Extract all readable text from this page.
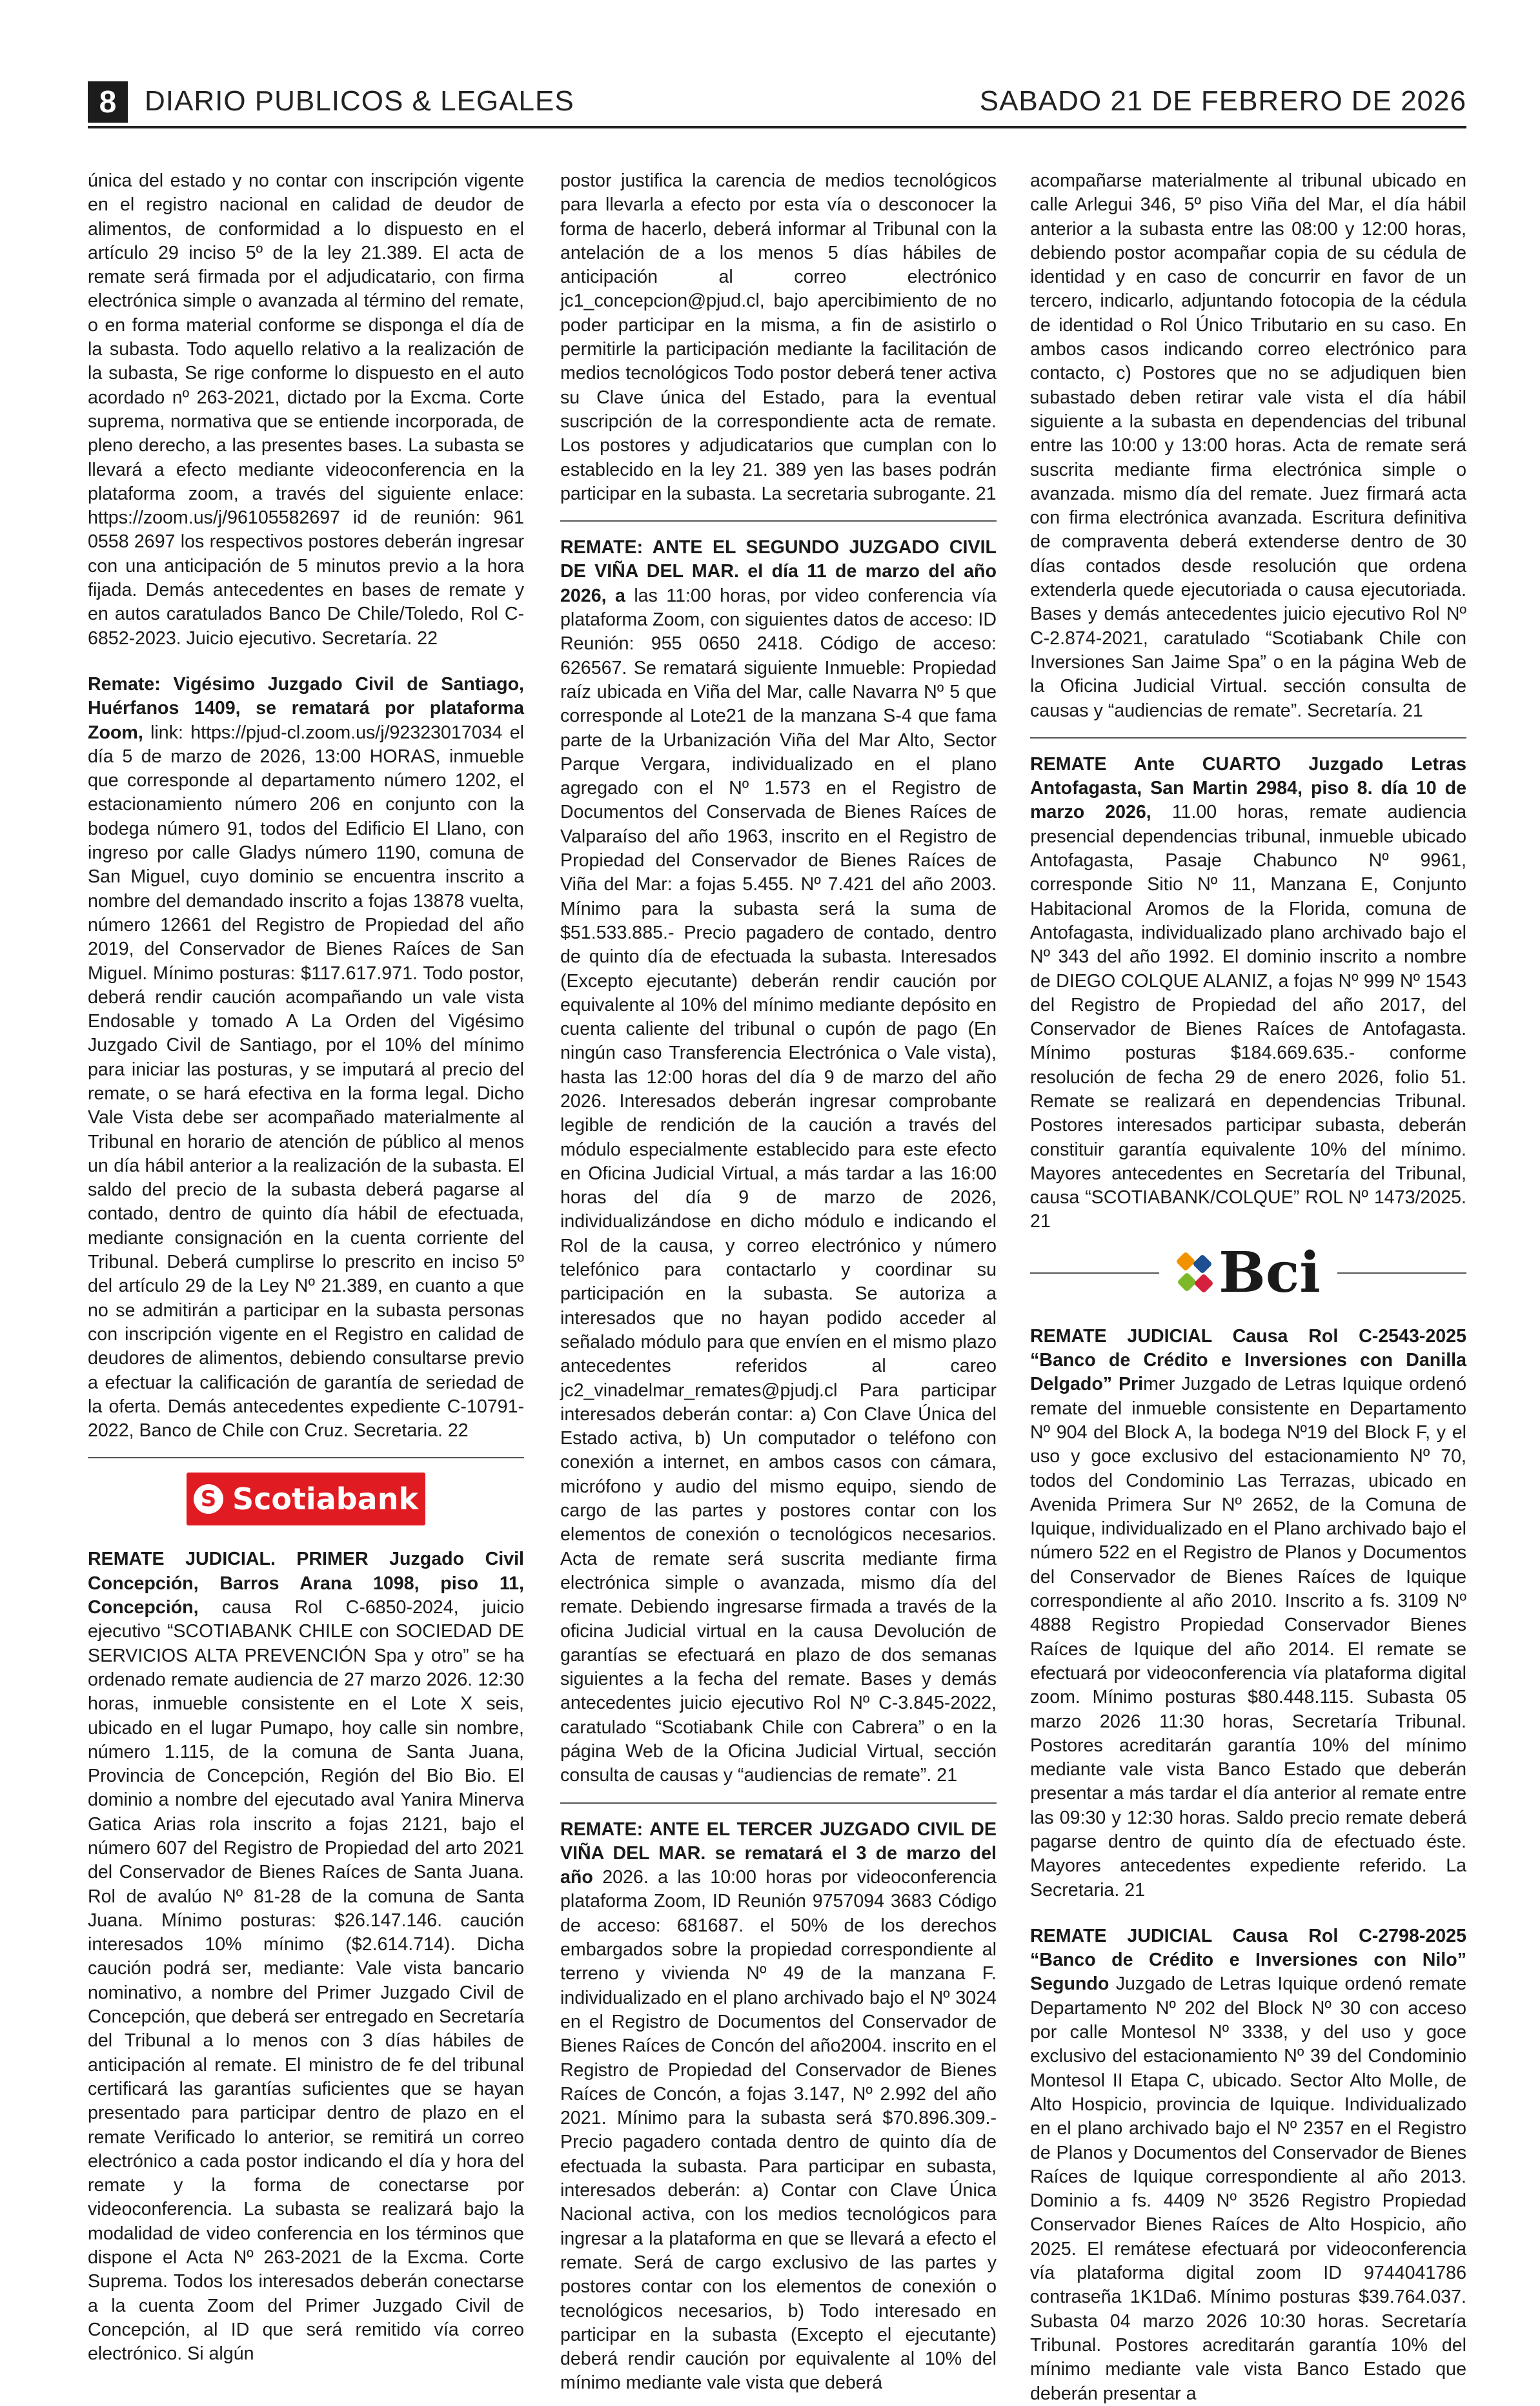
8 DIARIO PUBLICOS & LEGALES	SABADO 21 DE FEBRERO DE 2026

única del estado y no contar con inscripción vigente en el registro nacional en calidad de deudor de alimentos, de conformidad a lo dispuesto en el artículo 29 inciso 5º de la ley 21.389. El acta de remate será firmada por el adjudicatario, con firma electrónica simple o avanzada al término del remate, o en forma material conforme se disponga el día de la subasta. Todo aquello relativo a la realización de la subasta, Se rige conforme lo dispuesto en el auto acordado nº 263-2021, dictado por la Excma. Corte suprema, normativa que se entiende incorporada, de pleno derecho, a las presentes bases. La subasta se llevará a efecto mediante videoconferencia en la plataforma zoom, a través del siguiente enlace: https://zoom.us/j/96105582697 id de reunión: 961 0558 2697 los respectivos postores deberán ingresar con una anticipación de 5 minutos previo a la hora fijada. Demás antecedentes en bases de remate y en autos caratulados Banco De Chile/Toledo, Rol C-6852-2023. Juicio ejecutivo. Secretaría. 22

Remate: Vigésimo Juzgado Civil de Santiago, Huérfanos 1409, se rematará por plataforma Zoom, link: https://pjud-cl.zoom.us/j/92323017034 el día 5 de marzo de 2026, 13:00 HORAS, inmueble que corresponde al departamento número 1202, el estacionamiento número 206 en conjunto con la bodega número 91, todos del Edificio El Llano, con ingreso por calle Gladys número 1190, comuna de San Miguel, cuyo dominio se encuentra inscrito a nombre del demandado inscrito a fojas 13878 vuelta, número 12661 del Registro de Propiedad del año 2019, del Conservador de Bienes Raíces de San Miguel. Mínimo posturas: $117.617.971. Todo postor, deberá rendir caución acompañando un vale vista Endosable y tomado A La Orden del Vigésimo Juzgado Civil de Santiago, por el 10% del mínimo para iniciar las posturas, y se imputará al precio del remate, o se hará efectiva en la forma legal. Dicho Vale Vista debe ser acompañado materialmente al Tribunal en horario de atención de público al menos un día hábil anterior a la realización de la subasta. El saldo del precio de la subasta deberá pagarse al contado, dentro de quinto día hábil de efectuada, mediante consignación en la cuenta corriente del Tribunal. Deberá cumplirse lo prescrito en inciso 5º del artículo 29 de la Ley Nº 21.389, en cuanto a que no se admitirán a participar en la subasta personas con inscripción vigente en el Registro en calidad de deudores de alimentos, debiendo consultarse previo a efectuar la calificación de garantía de seriedad de la oferta. Demás antecedentes expediente C-10791-2022, Banco de Chile con Cruz. Secretaria. 22

S Scotiabank

REMATE JUDICIAL. PRIMER Juzgado Civil Concepción, Barros Arana 1098, piso 11, Concepción, causa Rol C-6850-2024, juicio ejecutivo “SCOTIABANK CHILE con SOCIEDAD DE SERVICIOS ALTA PREVENCIÓN Spa y otro” se ha ordenado remate audiencia de 27 marzo 2026. 12:30 horas, inmueble consistente en el Lote X seis, ubicado en el lugar Pumapo, hoy calle sin nombre, número 1.115, de la comuna de Santa Juana, Provincia de Concepción, Región del Bio Bio. El dominio a nombre del ejecutado aval Yanira Minerva Gatica Arias rola inscrito a fojas 2121, bajo el número 607 del Registro de Propiedad del arto 2021 del Conservador de Bienes Raíces de Santa Juana. Rol de avalúo Nº 81-28 de la comuna de Santa Juana. Mínimo posturas: $26.147.146. caución interesados 10% mínimo ($2.614.714). Dicha caución podrá ser, mediante: Vale vista bancario nominativo, a nombre del Primer Juzgado Civil de Concepción, que deberá ser entregado en Secretaría del Tribunal a lo menos con 3 días hábiles de anticipación al remate. El ministro de fe del tribunal certificará las garantías suficientes que se hayan presentado para participar dentro de plazo en el remate Verificado lo anterior, se remitirá un correo electrónico a cada postor indicando el día y hora del remate y la forma de conectarse por videoconferencia. La subasta se realizará bajo la modalidad de video conferencia en los términos que dispone el Acta Nº 263-2021 de la Excma. Corte Suprema. Todos los interesados deberán conectarse a la cuenta Zoom del Primer Juzgado Civil de Concepción, al ID que será remitido vía correo electrónico. Si algún

postor justifica la carencia de medios tecnológicos para llevarla a efecto por esta vía o desconocer la forma de hacerlo, deberá informar al Tribunal con la antelación de a los menos 5 días hábiles de anticipación al correo electrónico jc1_concepcion@pjud.cl, bajo apercibimiento de no poder participar en la misma, a fin de asistirlo o permitirle la participación mediante la facilitación de medios tecnológicos Todo postor deberá tener activa su Clave única del Estado, para la eventual suscripción de la correspondiente acta de remate. Los postores y adjudicatarios que cumplan con lo establecido en la ley 21. 389 yen las bases podrán participar en la subasta. La secretaria subrogante. 21

REMATE: ANTE EL SEGUNDO JUZGADO CIVIL DE VIÑA DEL MAR. el día 11 de marzo del año 2026, a las 11:00 horas, por video conferencia vía plataforma Zoom, con siguientes datos de acceso: ID Reunión: 955 0650 2418. Código de acceso: 626567. Se rematará siguiente Inmueble: Propiedad raíz ubicada en Viña del Mar, calle Navarra Nº 5 que corresponde al Lote21 de la manzana S-4 que fama parte de la Urbanización Viña del Mar Alto, Sector Parque Vergara, individualizado en el plano agregado con el Nº 1.573 en el Registro de Documentos del Conservada de Bienes Raíces de Valparaíso del año 1963, inscrito en el Registro de Propiedad del Conservador de Bienes Raíces de Viña del Mar: a fojas 5.455. Nº 7.421 del año 2003. Mínimo para la subasta será la suma de $51.533.885.- Precio pagadero de contado, dentro de quinto día de efectuada la subasta. Interesados (Excepto ejecutante) deberán rendir caución por equivalente al 10% del mínimo mediante depósito en cuenta caliente del tribunal o cupón de pago (En ningún caso Transferencia Electrónica o Vale vista), hasta las 12:00 horas del día 9 de marzo del año 2026. Interesados deberán ingresar comprobante legible de rendición de la caución a través del módulo especialmente establecido para este efecto en Oficina Judicial Virtual, a más tardar a las 16:00 horas del día 9 de marzo de 2026, individualizándose en dicho módulo e indicando el Rol de la causa, y correo electrónico y número telefónico para contactarlo y coordinar su participación en la subasta. Se autoriza a interesados que no hayan podido acceder al señalado módulo para que envíen en el mismo plazo antecedentes referidos al careo jc2_vinadelmar_remates@pjudj.cl Para participar interesados deberán contar: a) Con Clave Única del Estado activa, b) Un computador o teléfono con conexión a internet, en ambos casos con cámara, micrófono y audio del mismo equipo, siendo de cargo de las partes y postores contar con los elementos de conexión o tecnológicos necesarios. Acta de remate será suscrita mediante firma electrónica simple o avanzada, mismo día del remate. Debiendo ingresarse firmada a través de la oficina Judicial virtual en la causa Devolución de garantías se efectuará en plazo de dos semanas siguientes a la fecha del remate. Bases y demás antecedentes juicio ejecutivo Rol Nº C-3.845-2022, caratulado “Scotiabank Chile con Cabrera” o en la página Web de la Oficina Judicial Virtual, sección consulta de causas y “audiencias de remate”. 21

REMATE: ANTE EL TERCER JUZGADO CIVIL DE VIÑA DEL MAR. se rematará el 3 de marzo del año 2026. a las 10:00 horas por videoconferencia plataforma Zoom, ID Reunión 9757094 3683 Código de acceso: 681687. el 50% de los derechos embargados sobre la propiedad correspondiente al terreno y vivienda Nº 49 de la manzana F. individualizado en el plano archivado bajo el Nº 3024 en el Registro de Documentos del Conservador de Bienes Raíces de Concón del año2004. inscrito en el Registro de Propiedad del Conservador de Bienes Raíces de Concón, a fojas 3.147, Nº 2.992 del año 2021. Mínimo para la subasta será $70.896.309.- Precio pagadero contada dentro de quinto día de efectuada la subasta. Para participar en subasta, interesados deberán: a) Contar con Clave Única Nacional activa, con los medios tecnológicos para ingresar a la plataforma en que se llevará a efecto el remate. Será de cargo exclusivo de las partes y postores contar con los elementos de conexión o tecnológicos necesarios, b) Todo interesado en participar en la subasta (Excepto el ejecutante) deberá rendir caución por equivalente al 10% del mínimo mediante vale vista que deberá

acompañarse materialmente al tribunal ubicado en calle Arlegui 346, 5º piso Viña del Mar, el día hábil anterior a la subasta entre las 08:00 y 12:00 horas, debiendo postor acompañar copia de su cédula de identidad y en caso de concurrir en favor de un tercero, indicarlo, adjuntando fotocopia de la cédula de identidad o Rol Único Tributario en su caso. En ambos casos indicando correo electrónico para contacto, c) Postores que no se adjudiquen bien subastado deben retirar vale vista el día hábil siguiente a la subasta en dependencias del tribunal entre las 10:00 y 13:00 horas. Acta de remate será suscrita mediante firma electrónica simple o avanzada. mismo día del remate. Juez firmará acta con firma electrónica avanzada. Escritura definitiva de compraventa deberá extenderse dentro de 30 días contados desde resolución que ordena extenderla quede ejecutoriada o causa ejecutoriada. Bases y demás antecedentes juicio ejecutivo Rol Nº C-2.874-2021, caratulado “Scotiabank Chile con Inversiones San Jaime Spa” o en la página Web de la Oficina Judicial Virtual. sección consulta de causas y “audiencias de remate”. Secretaría. 21

REMATE Ante CUARTO Juzgado Letras Antofagasta, San Martin 2984, piso 8. día 10 de marzo 2026, 11.00 horas, remate audiencia presencial dependencias tribunal, inmueble ubicado Antofagasta, Pasaje Chabunco Nº 9961, corresponde Sitio Nº 11, Manzana E, Conjunto Habitacional Aromos de la Florida, comuna de Antofagasta, individualizado plano archivado bajo el Nº 343 del año 1992. El dominio inscrito a nombre de DIEGO COLQUE ALANIZ, a fojas Nº 999 Nº 1543 del Registro de Propiedad del año 2017, del Conservador de Bienes Raíces de Antofagasta. Mínimo posturas $184.669.635.- conforme resolución de fecha 29 de enero 2026, folio 51. Remate se realizará en dependencias Tribunal. Postores interesados participar subasta, deberán constituir garantía equivalente 10% del mínimo. Mayores antecedentes en Secretaría del Tribunal, causa “SCOTIABANK/COLQUE” ROL Nº 1473/2025. 21

Bci

REMATE JUDICIAL Causa Rol C-2543-2025 “Banco de Crédito e Inversiones con Danilla Delgado” Primer Juzgado de Letras Iquique ordenó remate del inmueble consistente en Departamento Nº 904 del Block A, la bodega Nº19 del Block F, y el uso y goce exclusivo del estacionamiento Nº 70, todos del Condominio Las Terrazas, ubicado en Avenida Primera Sur Nº 2652, de la Comuna de Iquique, individualizado en el Plano archivado bajo el número 522 en el Registro de Planos y Documentos del Conservador de Bienes Raíces de Iquique correspondiente al año 2010. Inscrito a fs. 3109 Nº 4888 Registro Propiedad Conservador Bienes Raíces de Iquique del año 2014. El remate se efectuará por videoconferencia vía plataforma digital zoom. Mínimo posturas $80.448.115. Subasta 05 marzo 2026 11:30 horas, Secretaría Tribunal. Postores acreditarán garantía 10% del mínimo mediante vale vista Banco Estado que deberán presentar a más tardar el día anterior al remate entre las 09:30 y 12:30 horas. Saldo precio remate deberá pagarse dentro de quinto día de efectuado éste. Mayores antecedentes expediente referido. La Secretaria. 21

REMATE JUDICIAL Causa Rol C-2798-2025 “Banco de Crédito e Inversiones con Nilo” Segundo Juzgado de Letras Iquique ordenó remate Departamento Nº 202 del Block Nº 30 con acceso por calle Montesol Nº 3338, y del uso y goce exclusivo del estacionamiento Nº 39 del Condominio Montesol II Etapa C, ubicado. Sector Alto Molle, de Alto Hospicio, provincia de Iquique. Individualizado en el plano archivado bajo el Nº 2357 en el Registro de Planos y Documentos del Conservador de Bienes Raíces de Iquique correspondiente al año 2013. Dominio a fs. 4409 Nº 3526 Registro Propiedad Conservador Bienes Raíces de Alto Hospicio, año 2025. El remátese efectuará por videoconferencia vía plataforma digital zoom ID 9744041786 contraseña 1K1Da6. Mínimo posturas $39.764.037. Subasta 04 marzo 2026 10:30 horas. Secretaría Tribunal. Postores acreditarán garantía 10% del mínimo mediante vale vista Banco Estado que deberán presentar a
